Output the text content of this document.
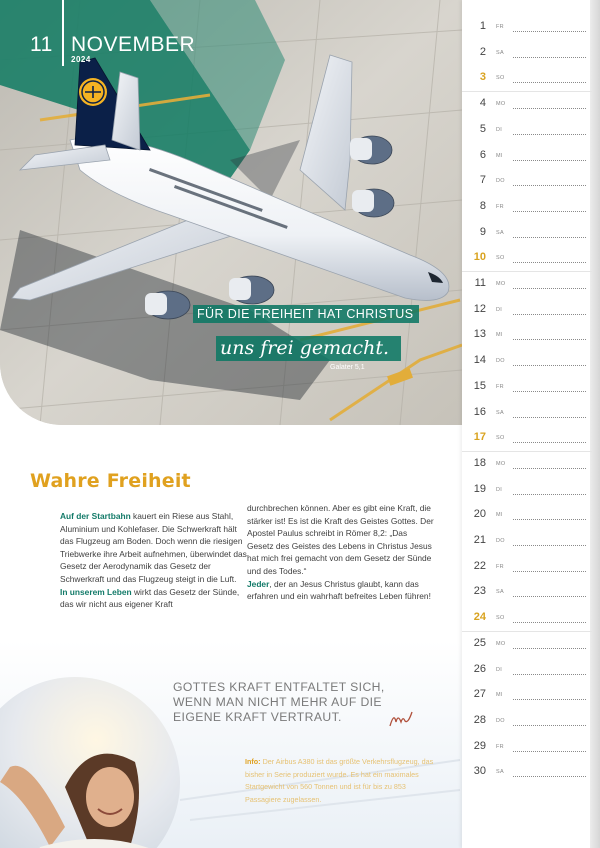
11 NOVEMBER
2024
FÜR DIE FREIHEIT HAT CHRISTUS
uns frei gemacht.
Galater 5,1
Wahre Freiheit

Auf der Startbahn kauert ein Riese aus Stahl, Aluminium und Kohlefaser. Die Schwerkraft hält das Flugzeug am Boden. Doch wenn die riesigen Triebwerke ihre Arbeit aufnehmen, überwindet das Gesetz der Aerodynamik das Gesetz der Schwerkraft und das Flugzeug steigt in die Luft.

In unserem Leben wirkt das Gesetz der Sünde, das wir nicht aus eigener Kraft

durchbrechen können. Aber es gibt eine Kraft, die stärker ist! Es ist die Kraft des Geistes Gottes. Der Apostel Paulus schreibt in Römer 8,2: „Das Gesetz des Geistes des Lebens in Christus Jesus hat mich frei gemacht von dem Gesetz der Sünde und des Todes.“

Jeder, der an Jesus Christus glaubt, kann das erfahren und ein wahrhaft befreites Leben führen!

GOTTES KRAFT ENTFALTET SICH, WENN MAN NICHT MEHR AUF DIE EIGENE KRAFT VERTRAUT.
Info: Der Airbus A380 ist das größte Verkehrsflugzeug, das bisher in Serie produziert wurde. Es hat ein maximales Startgewicht von 560 Tonnen und ist für bis zu 853 Passagiere zugelassen.
1 FR
2 SA
3 SO
4 MO
5 DI
6 MI
7 DO
8 FR
9 SA
10 SO
11 MO
12 DI
13 MI
14 DO
15 FR
16 SA
17 SO
18 MO
19 DI
20 MI
21 DO
22 FR
23 SA
24 SO
25 MO
26 DI
27 MI
28 DO
29 FR
30 SA
